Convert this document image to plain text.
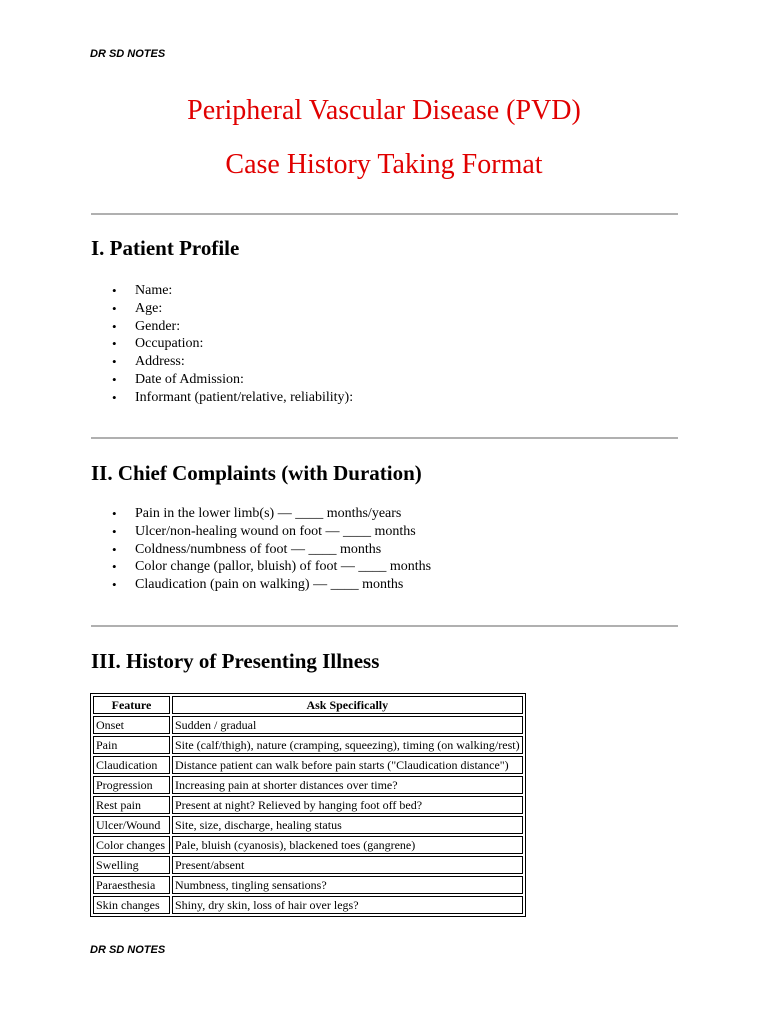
DR SD NOTES
Peripheral Vascular Disease (PVD)
Case History Taking Format
I. Patient Profile
• Name:
• Age:
• Gender:
• Occupation:
• Address:
• Date of Admission:
• Informant (patient/relative, reliability):
II. Chief Complaints (with Duration)
• Pain in the lower limb(s) — ____ months/years
• Ulcer/non-healing wound on foot — ____ months
• Coldness/numbness of foot — ____ months
• Color change (pallor, bluish) of foot — ____ months
• Claudication (pain on walking) — ____ months
III. History of Presenting Illness
Feature	Ask Specifically
Onset	Sudden / gradual
Pain	Site (calf/thigh), nature (cramping, squeezing), timing (on walking/rest)
Claudication	Distance patient can walk before pain starts ("Claudication distance")
Progression	Increasing pain at shorter distances over time?
Rest pain	Present at night? Relieved by hanging foot off bed?
Ulcer/Wound	Site, size, discharge, healing status
Color changes	Pale, bluish (cyanosis), blackened toes (gangrene)
Swelling	Present/absent
Paraesthesia	Numbness, tingling sensations?
Skin changes	Shiny, dry skin, loss of hair over legs?
DR SD NOTES
